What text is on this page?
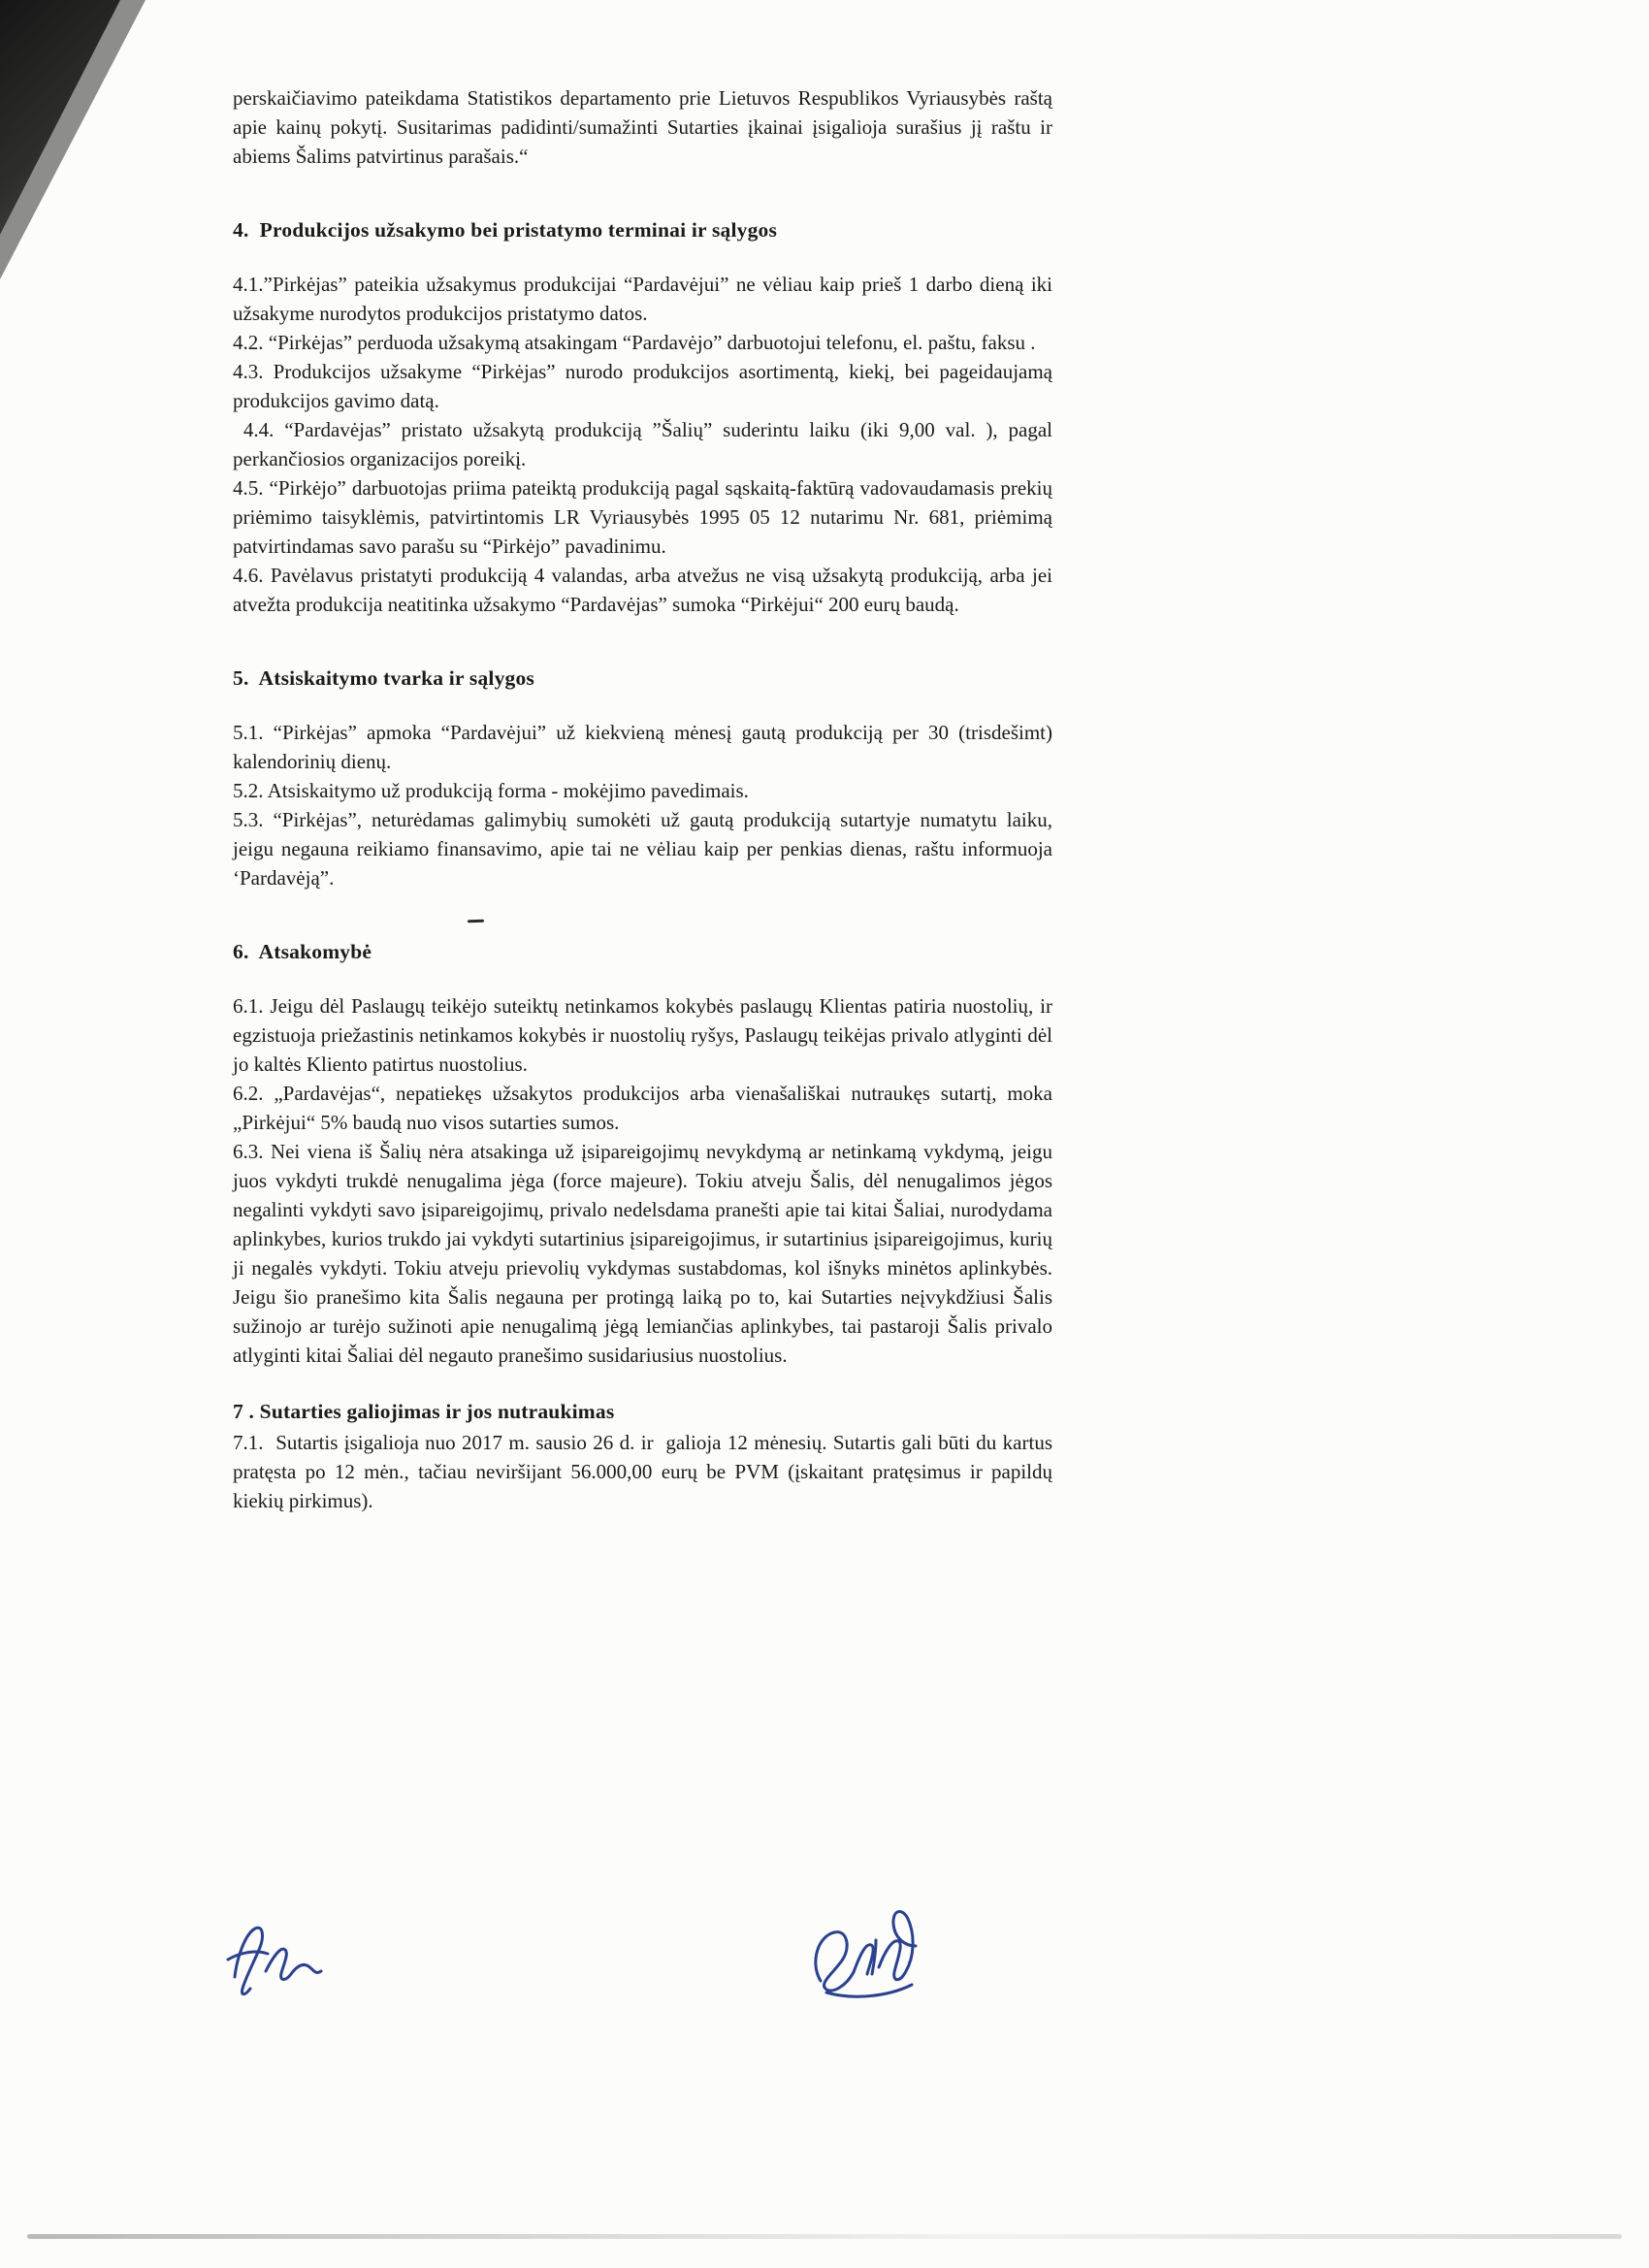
perskaičiavimo pateikdama Statistikos departamento prie Lietuvos Respublikos Vyriausybės raštą apie kainų pokytį. Susitarimas padidinti/sumažinti Sutarties įkainai įsigalioja surašius jį raštu ir abiems Šalims patvirtinus parašais.“

4.  Produkcijos užsakymo bei pristatymo terminai ir sąlygos

4.1.”Pirkėjas” pateikia užsakymus produkcijai “Pardavėjui” ne vėliau kaip prieš 1 darbo dieną iki užsakyme nurodytos produkcijos pristatymo datos.

4.2. “Pirkėjas” perduoda užsakymą atsakingam “Pardavėjo” darbuotojui telefonu, el. paštu, faksu .

4.3. Produkcijos užsakyme “Pirkėjas” nurodo produkcijos asortimentą, kiekį, bei pageidaujamą produkcijos gavimo datą.

4.4. “Pardavėjas” pristato užsakytą produkciją ”Šalių” suderintu laiku (iki 9,00 val. ), pagal perkančiosios organizacijos poreikį.

4.5. “Pirkėjo” darbuotojas priima pateiktą produkciją pagal sąskaitą-faktūrą vadovaudamasis prekių priėmimo taisyklėmis, patvirtintomis LR Vyriausybės 1995 05 12 nutarimu Nr. 681, priėmimą patvirtindamas savo parašu su “Pirkėjo” pavadinimu.

4.6. Pavėlavus pristatyti produkciją 4 valandas, arba atvežus ne visą užsakytą produkciją, arba jei atvežta produkcija neatitinka užsakymo “Pardavėjas” sumoka “Pirkėjui“ 200 eurų baudą.

5.  Atsiskaitymo tvarka ir sąlygos

5.1. “Pirkėjas” apmoka “Pardavėjui” už kiekvieną mėnesį gautą produkciją per 30 (trisdešimt) kalendorinių dienų.

5.2. Atsiskaitymo už produkciją forma - mokėjimo pavedimais.

5.3. “Pirkėjas”, neturėdamas galimybių sumokėti už gautą produkciją sutartyje numatytu laiku, jeigu negauna reikiamo finansavimo, apie tai ne vėliau kaip per penkias dienas, raštu informuoja ‘Pardavėją”.

6.  Atsakomybė

6.1. Jeigu dėl Paslaugų teikėjo suteiktų netinkamos kokybės paslaugų Klientas patiria nuostolių, ir egzistuoja priežastinis netinkamos kokybės ir nuostolių ryšys, Paslaugų teikėjas privalo atlyginti dėl jo kaltės Kliento patirtus nuostolius.

6.2. „Pardavėjas“, nepatiekęs užsakytos produkcijos arba vienašališkai nutraukęs sutartį, moka „Pirkėjui“ 5% baudą nuo visos sutarties sumos.

6.3. Nei viena iš Šalių nėra atsakinga už įsipareigojimų nevykdymą ar netinkamą vykdymą, jeigu juos vykdyti trukdė nenugalima jėga (force majeure). Tokiu atveju Šalis, dėl nenugalimos jėgos negalinti vykdyti savo įsipareigojimų, privalo nedelsdama pranešti apie tai kitai Šaliai, nurodydama aplinkybes, kurios trukdo jai vykdyti sutartinius įsipareigojimus, ir sutartinius įsipareigojimus, kurių ji negalės vykdyti. Tokiu atveju prievolių vykdymas sustabdomas, kol išnyks minėtos aplinkybės. Jeigu šio pranešimo kita Šalis negauna per protingą laiką po to, kai Sutarties neįvykdžiusi Šalis sužinojo ar turėjo sužinoti apie nenugalimą jėgą lemiančias aplinkybes, tai pastaroji Šalis privalo atlyginti kitai Šaliai dėl negauto pranešimo susidariusius nuostolius.

7 . Sutarties galiojimas ir jos nutraukimas

7.1.  Sutartis įsigalioja nuo 2017 m. sausio 26 d. ir  galioja 12 mėnesių. Sutartis gali būti du kartus pratęsta po 12 mėn., tačiau neviršijant 56.000,00 eurų be PVM (įskaitant pratęsimus ir papildų kiekių pirkimus).
